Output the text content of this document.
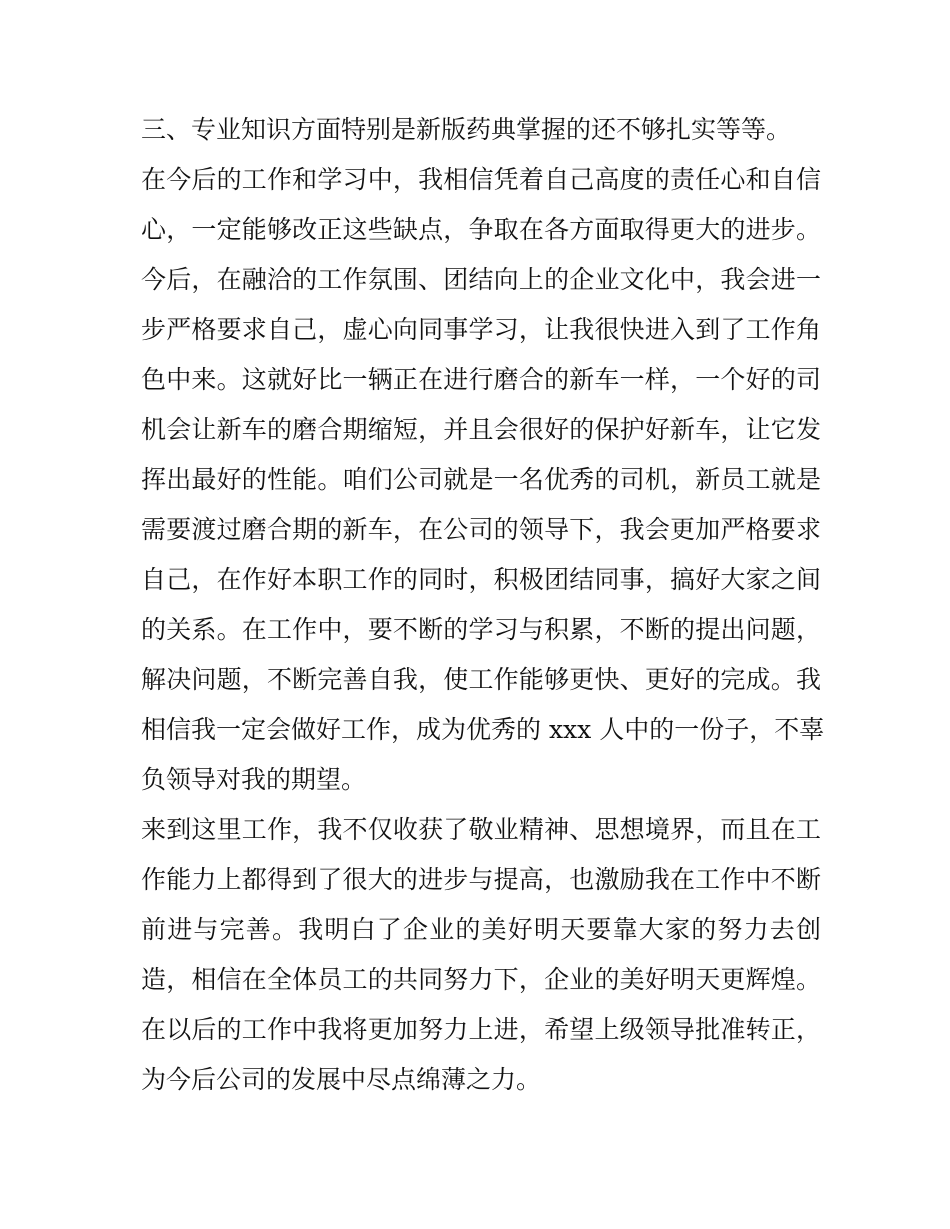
三、专业知识方面特别是新版药典掌握的还不够扎实等等。
在今后的工作和学习中，我相信凭着自己高度的责任心和自信
心，一定能够改正这些缺点，争取在各方面取得更大的进步。
今后，在融洽的工作氛围、团结向上的企业文化中，我会进一
步严格要求自己，虚心向同事学习，让我很快进入到了工作角
色中来。这就好比一辆正在进行磨合的新车一样，一个好的司
机会让新车的磨合期缩短，并且会很好的保护好新车，让它发
挥出最好的性能。咱们公司就是一名优秀的司机，新员工就是
需要渡过磨合期的新车，在公司的领导下，我会更加严格要求
自己，在作好本职工作的同时，积极团结同事，搞好大家之间
的关系。在工作中，要不断的学习与积累，不断的提出问题，
解决问题，不断完善自我，使工作能够更快、更好的完成。我
相信我一定会做好工作，成为优秀的 xxx 人中的一份子，不辜
负领导对我的期望。
来到这里工作，我不仅收获了敬业精神、思想境界，而且在工
作能力上都得到了很大的进步与提高，也激励我在工作中不断
前进与完善。我明白了企业的美好明天要靠大家的努力去创
造，相信在全体员工的共同努力下，企业的美好明天更辉煌。
在以后的工作中我将更加努力上进，希望上级领导批准转正，
为今后公司的发展中尽点绵薄之力。
